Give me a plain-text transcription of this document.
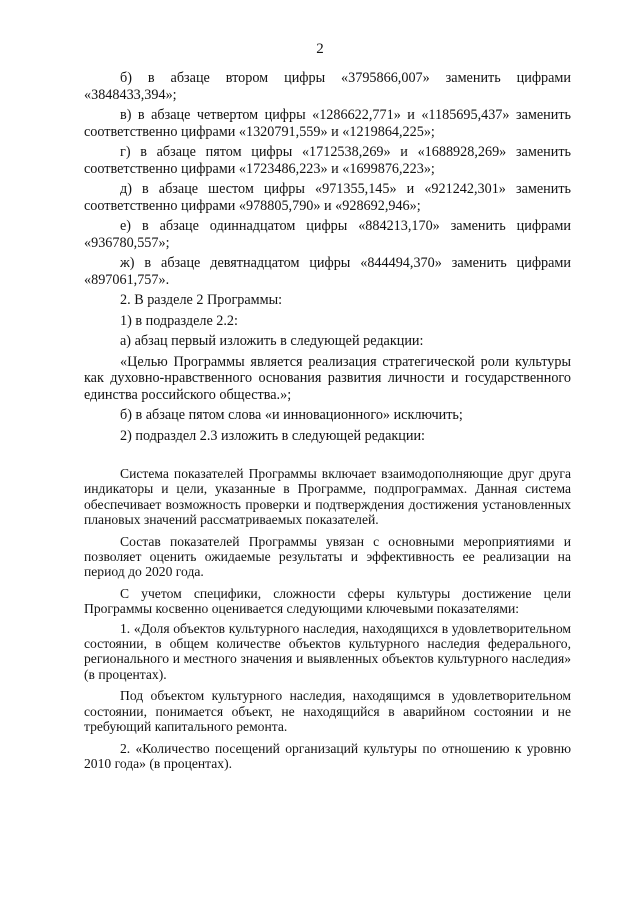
2

б) в абзаце втором цифры «3795866,007» заменить цифрами «3848433,394»;

в) в абзаце четвертом цифры «1286622,771» и «1185695,437» заменить соответственно цифрами «1320791,559» и «1219864,225»;

г) в абзаце пятом цифры «1712538,269» и «1688928,269» заменить соответственно цифрами «1723486,223» и «1699876,223»;

д) в абзаце шестом цифры «971355,145» и «921242,301» заменить соответственно цифрами «978805,790» и «928692,946»;

е) в абзаце одиннадцатом цифры «884213,170» заменить цифрами «936780,557»;

ж) в абзаце девятнадцатом цифры «844494,370» заменить цифрами «897061,757».

2. В разделе 2 Программы:

1) в подразделе 2.2:

а) абзац первый изложить в следующей редакции:

«Целью Программы является реализация стратегической роли культуры как духовно-нравственного основания развития личности и государственного единства российского общества.»;

б) в абзаце пятом слова «и инновационного» исключить;

2) подраздел 2.3 изложить в следующей редакции:

Система показателей Программы включает взаимодополняющие друг друга индикаторы и цели, указанные в Программе, подпрограммах. Данная система обеспечивает возможность проверки и подтверждения достижения установленных плановых значений рассматриваемых показателей.

Состав показателей Программы увязан с основными мероприятиями и позволяет оценить ожидаемые результаты и эффективность ее реализации на период до 2020 года.

С учетом специфики, сложности сферы культуры достижение цели Программы косвенно оценивается следующими ключевыми показателями:

1. «Доля объектов культурного наследия, находящихся в удовлетворительном состоянии, в общем количестве объектов культурного наследия федерального, регионального и местного значения и выявленных объектов культурного наследия» (в процентах).

Под объектом культурного наследия, находящимся в удовлетворительном состоянии, понимается объект, не находящийся в аварийном состоянии и не требующий капитального ремонта.

2. «Количество посещений организаций культуры по отношению к уровню 2010 года» (в процентах).
